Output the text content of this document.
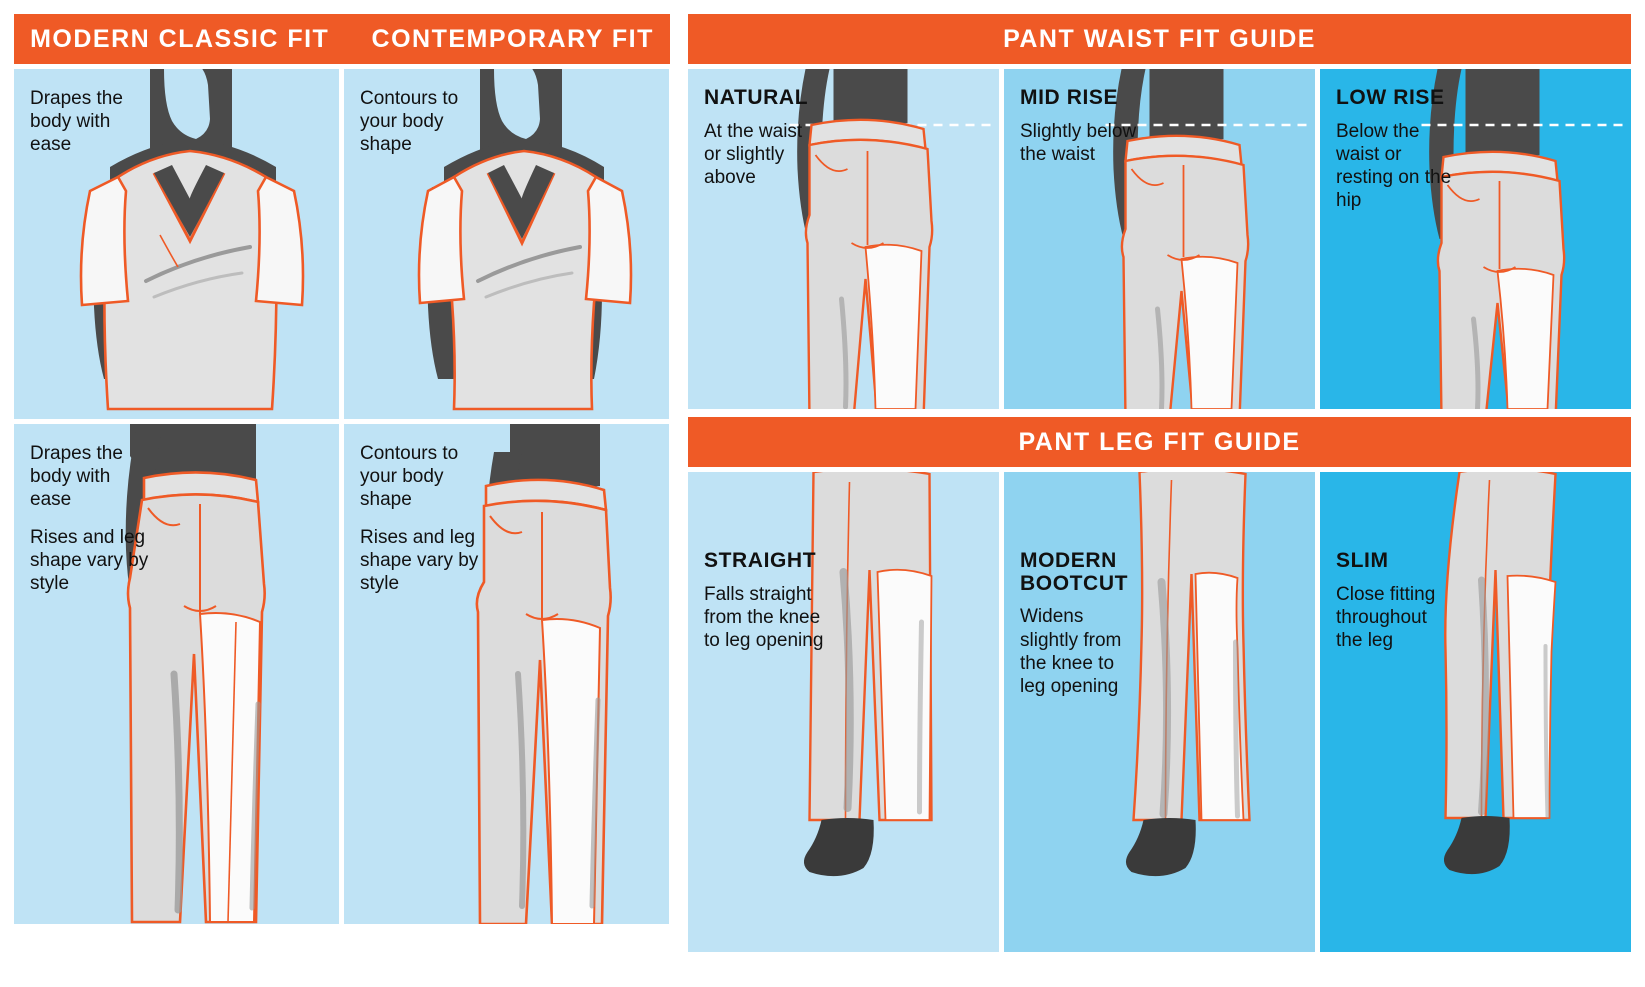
MODERN CLASSIC FIT CONTEMPORARY FIT
Drapes the body with ease
Contours to your body shape
Drapes the body with ease
Rises and leg shape vary by style
Contours to your body shape
Rises and leg shape vary by style
PANT WAIST FIT GUIDE
NATURAL
At the waist or slightly above
MID RISE
Slightly below the waist
LOW RISE
Below the waist or resting on the hip
PANT LEG FIT GUIDE
STRAIGHT
Falls straight from the knee to leg opening
MODERN BOOTCUT
Widens slightly from the knee to leg opening
SLIM
Close fitting throughout the leg
